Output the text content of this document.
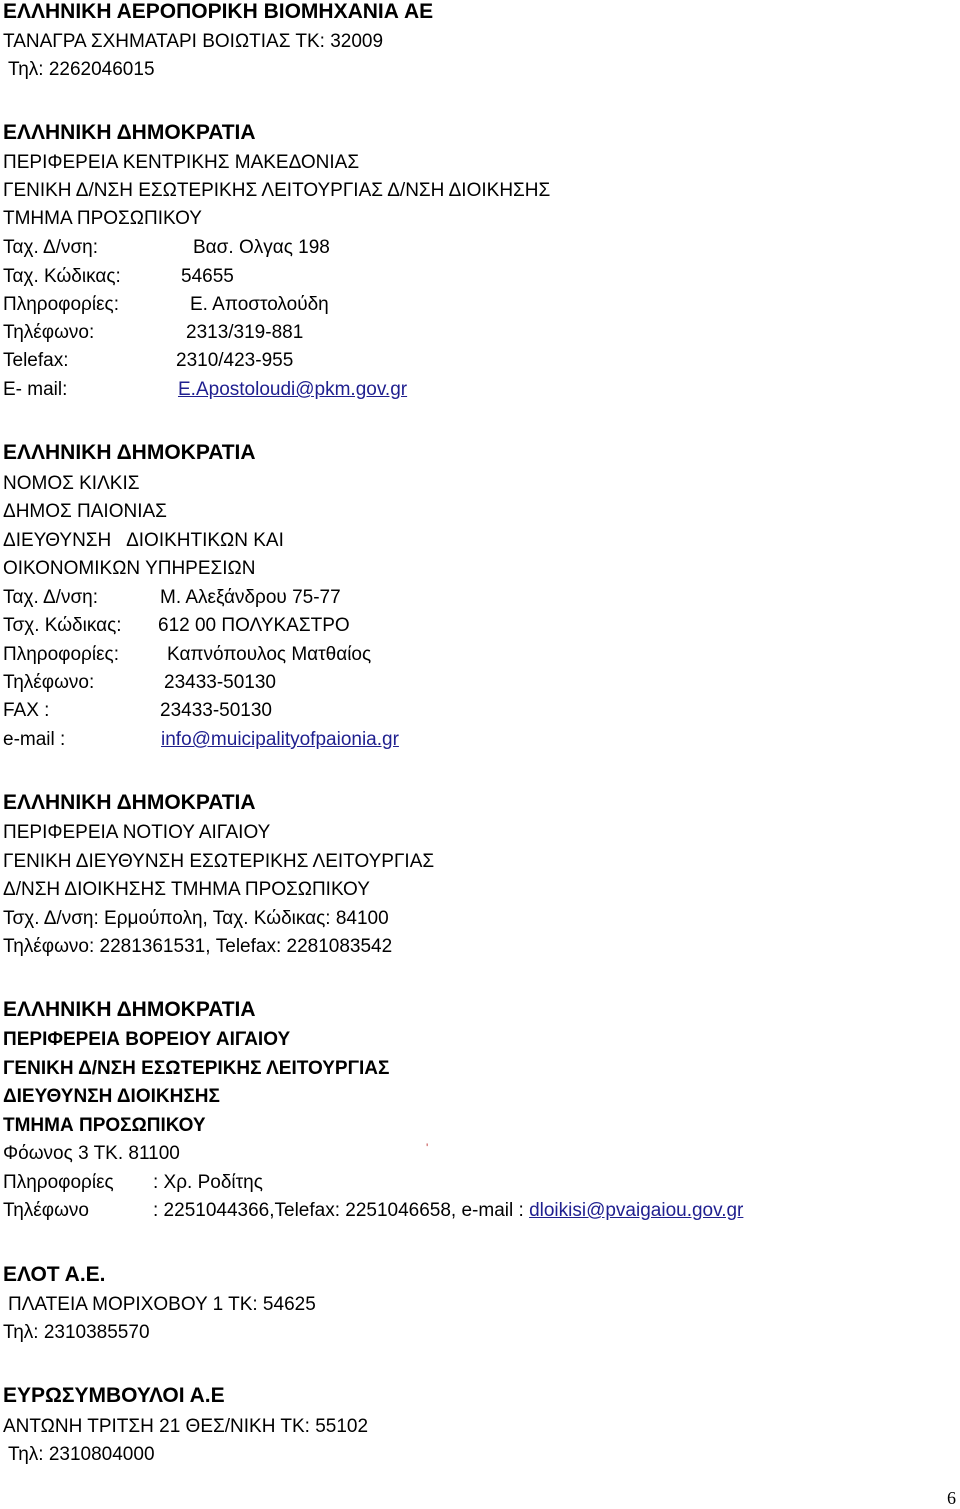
ΕΛΛΗΝΙΚΗ ΑΕΡΟΠΟΡΙΚΗ ΒΙΟΜΗΧΑΝΙΑ ΑΕ
ΤΑΝΑΓΡΑ ΣΧΗΜΑΤΑΡΙ ΒΟΙΩΤΙΑΣ ΤΚ: 32009
Τηλ: 2262046015
ΕΛΛΗΝΙΚΗ ΔΗΜΟΚΡΑΤΙΑ
ΠΕΡΙΦΕΡΕΙΑ ΚΕΝΤΡΙΚΗΣ ΜΑΚΕΔΟΝΙΑΣ
ΓΕΝΙΚΗ Δ/ΝΣΗ ΕΣΩΤΕΡΙΚΗΣ ΛΕΙΤΟΥΡΓΙΑΣ Δ/ΝΣΗ ΔΙΟΙΚΗΣΗΣ
ΤΜΗΜΑ ΠΡΟΣΩΠΙΚΟΥ
Ταχ. Δ/νση:	Βασ. Ολγας 198
Ταχ. Κώδικας:	54655
Πληροφορίες:	Ε. Αποστολούδη
Τηλέφωνο:	2313/319-881
Telefax:	2310/423-955
E- mail:	E.Apostoloudi@pkm.gov.gr
ΕΛΛΗΝΙΚΗ ΔΗΜΟΚΡΑΤΙΑ
ΝΟΜΟΣ ΚΙΛΚΙΣ
ΔΗΜΟΣ ΠΑΙΟΝΙΑΣ
ΔΙΕΥΘΥΝΣΗ   ΔΙΟΙΚΗΤΙΚΩΝ ΚΑΙ
ΟΙΚΟΝΟΜΙΚΩΝ ΥΠΗΡΕΣΙΩΝ
Ταχ. Δ/νση:	Μ. Αλεξάνδρου 75-77
Τσχ. Κώδικας: 612 00 ΠΟΛΥΚΑΣΤΡΟ
Πληροφορίες:	Καπνόπουλος Ματθαίος
Τηλέφωνο:	23433-50130
FAX :	23433-50130
e-mail :	info@muicipalityofpaionia.gr
ΕΛΛΗΝΙΚΗ ΔΗΜΟΚΡΑΤΙΑ
ΠΕΡΙΦΕΡΕΙΑ ΝΟΤΙΟΥ ΑΙΓΑΙΟΥ
ΓΕΝΙΚΗ ΔΙΕΥΘΥΝΣΗ ΕΣΩΤΕΡΙΚΗΣ ΛΕΙΤΟΥΡΓΙΑΣ
Δ/ΝΣΗ ΔΙΟΙΚΗΣΗΣ ΤΜΗΜΑ ΠΡΟΣΩΠΙΚΟΥ
Τσχ. Δ/νση: Ερμούπολη, Ταχ. Κώδικας: 84100
Τηλέφωνο: 2281361531, Telefax: 2281083542
ΕΛΛΗΝΙΚΗ ΔΗΜΟΚΡΑΤΙΑ
ΠΕΡΙΦΕΡΕΙΑ ΒΟΡΕΙΟΥ ΑΙΓΑΙΟΥ
ΓΕΝΙΚΗ Δ/ΝΣΗ ΕΣΩΤΕΡΙΚΗΣ ΛΕΙΤΟΥΡΓΙΑΣ
ΔΙΕΥΘΥΝΣΗ ΔΙΟΙΚΗΣΗΣ
ΤΜΗΜΑ ΠΡΟΣΩΠΙΚΟΥ
Φόωνος 3 ΤΚ. 81100	'
Πληροφορίες : Χρ. Ροδίτης
Τηλέφωνο	: 2251044366,Telefax: 2251046658, e-mail : dloikisi@pvaigaiou.gov.gr
ΕΛΟΤ Α.Ε.
ΠΛΑΤΕΙΑ ΜΟΡΙΧΟΒΟΥ 1 ΤΚ: 54625
Τηλ: 2310385570
ΕΥΡΩΣΥΜΒΟΥΛΟΙ Α.Ε
ΑΝΤΩΝΗ ΤΡΙΤΣΗ 21 ΘΕΣ/ΝΙΚΗ ΤΚ: 55102
Τηλ: 2310804000
6
